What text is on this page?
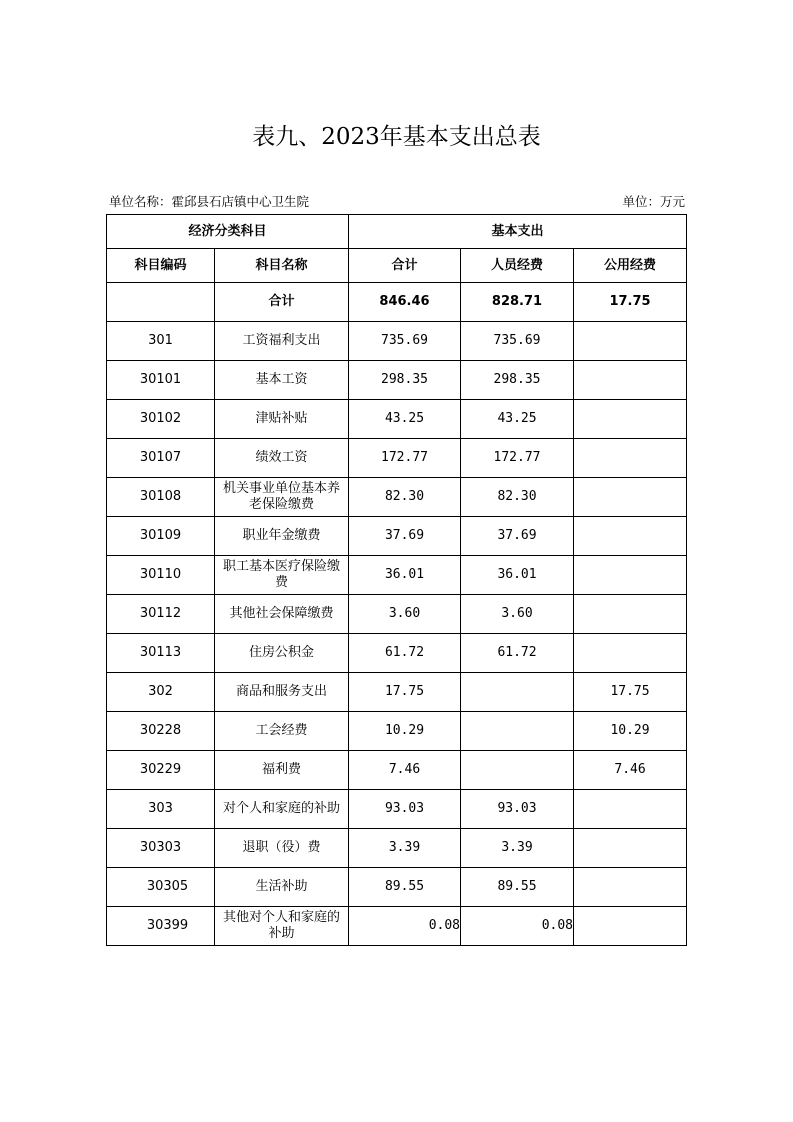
表九、2023年基本支出总表
单位名称：霍邱县石店镇中心卫生院	单位：万元
经济分类科目		基本支出		
科目编码	科目名称	合计	人员经费	公用经费
	合计	846.46	828.71	17.75
301	工资福利支出	735.69	735.69	
30101	基本工资	298.35	298.35	
30102	津贴补贴	43.25	43.25	
30107	绩效工资	172.77	172.77	
30108	机关事业单位基本养老保险缴费	82.30	82.30	
30109	职业年金缴费	37.69	37.69	
30110	职工基本医疗保险缴费	36.01	36.01	
30112	其他社会保障缴费	3.60	3.60	
30113	住房公积金	61.72	61.72	
302	商品和服务支出	17.75		17.75
30228	工会经费	10.29		10.29
30229	福利费	7.46		7.46
303	对个人和家庭的补助	93.03	93.03	
30303	退职（役）费	3.39	3.39	
30305	生活补助	89.55	89.55	
30399	其他对个人和家庭的补助	0.08	0.08	
